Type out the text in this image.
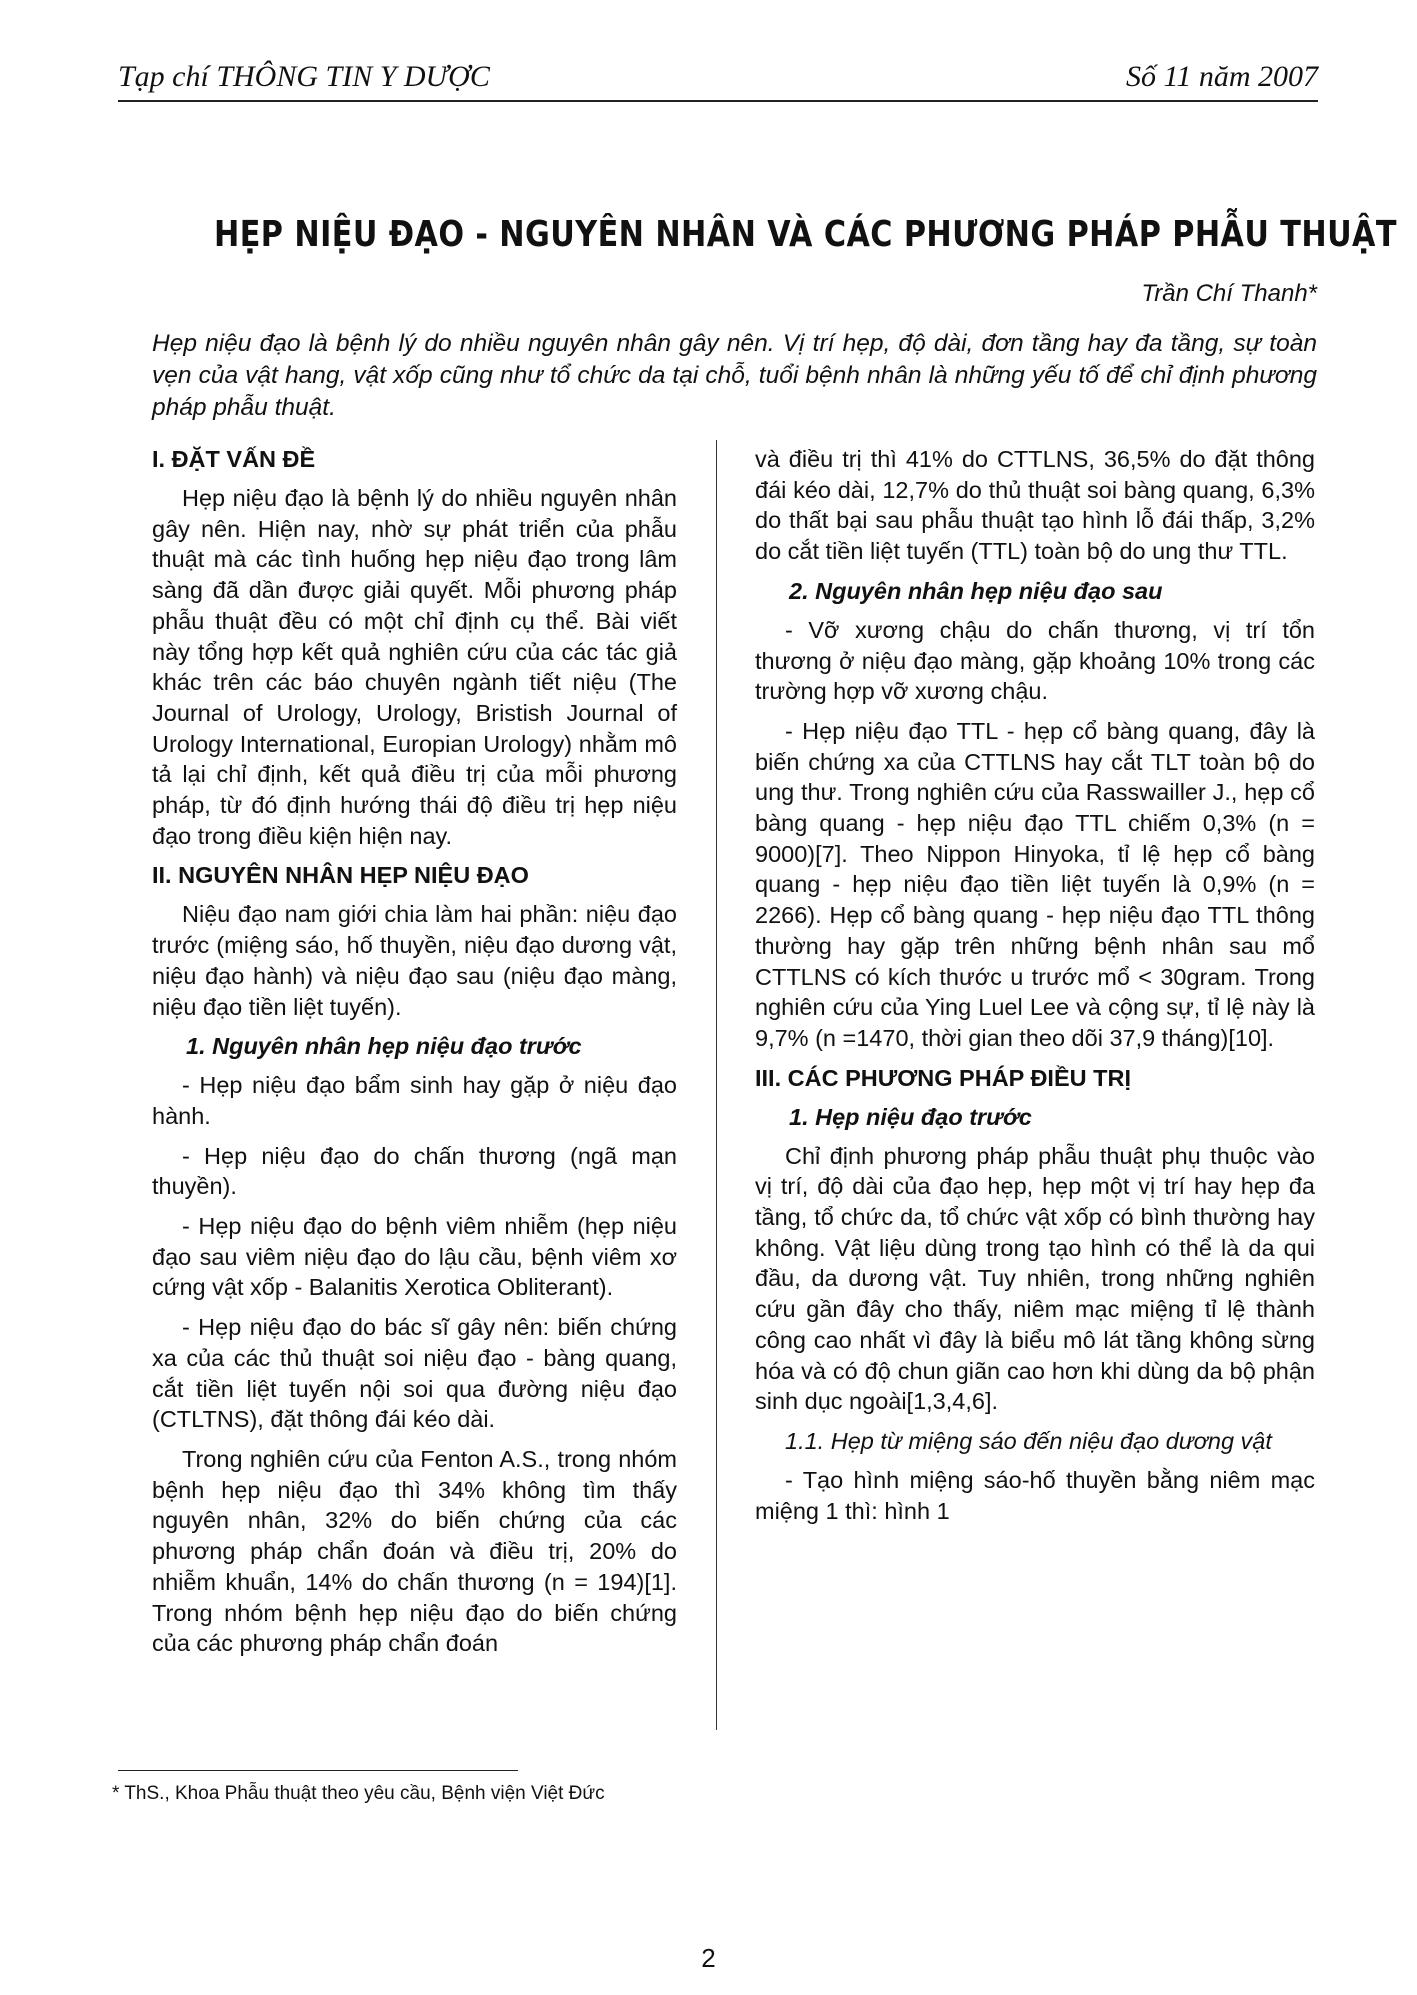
Tạp chí THÔNG TIN Y DƯỢC	Số 11 năm 2007
HẸP NIỆU ĐẠO - NGUYÊN NHÂN VÀ CÁC PHƯƠNG PHÁP PHẪU THUẬT
Trần Chí Thanh*

Hẹp niệu đạo là bệnh lý do nhiều nguyên nhân gây nên. Vị trí hẹp, độ dài, đơn tầng hay đa tầng, sự toàn vẹn của vật hang, vật xốp cũng như tổ chức da tại chỗ, tuổi bệnh nhân là những yếu tố để chỉ định phương pháp phẫu thuật.

I. ĐẶT VẤN ĐỀ

Hẹp niệu đạo là bệnh lý do nhiều nguyên nhân gây nên. Hiện nay, nhờ sự phát triển của phẫu thuật mà các tình huống hẹp niệu đạo trong lâm sàng đã dần được giải quyết. Mỗi phương pháp phẫu thuật đều có một chỉ định cụ thể. Bài viết này tổng hợp kết quả nghiên cứu của các tác giả khác trên các báo chuyên ngành tiết niệu (The Journal of Urology, Urology, Bristish Journal of Urology International, Europian Urology) nhằm mô tả lại chỉ định, kết quả điều trị của mỗi phương pháp, từ đó định hướng thái độ điều trị hẹp niệu đạo trong điều kiện hiện nay.

II. NGUYÊN NHÂN HẸP NIỆU ĐẠO

Niệu đạo nam giới chia làm hai phần: niệu đạo trước (miệng sáo, hố thuyền, niệu đạo dương vật, niệu đạo hành) và niệu đạo sau (niệu đạo màng, niệu đạo tiền liệt tuyến).

1. Nguyên nhân hẹp niệu đạo trước

- Hẹp niệu đạo bẩm sinh hay gặp ở niệu đạo hành.

- Hẹp niệu đạo do chấn thương (ngã mạn thuyền).

- Hẹp niệu đạo do bệnh viêm nhiễm (hẹp niệu đạo sau viêm niệu đạo do lậu cầu, bệnh viêm xơ cứng vật xốp - Balanitis Xerotica Obliterant).

- Hẹp niệu đạo do bác sĩ gây nên: biến chứng xa của các thủ thuật soi niệu đạo - bàng quang, cắt tiền liệt tuyến nội soi qua đường niệu đạo (CTLTNS), đặt thông đái kéo dài.

Trong nghiên cứu của Fenton A.S., trong nhóm bệnh hẹp niệu đạo thì 34% không tìm thấy nguyên nhân, 32% do biến chứng của các phương pháp chẩn đoán và điều trị, 20% do nhiễm khuẩn, 14% do chấn thương (n = 194)[1]. Trong nhóm bệnh hẹp niệu đạo do biến chứng của các phương pháp chẩn đoán

và điều trị thì 41% do CTTLNS, 36,5% do đặt thông đái kéo dài, 12,7% do thủ thuật soi bàng quang, 6,3% do thất bại sau phẫu thuật tạo hình lỗ đái thấp, 3,2% do cắt tiền liệt tuyến (TTL) toàn bộ do ung thư TTL.

2. Nguyên nhân hẹp niệu đạo sau

- Vỡ xương chậu do chấn thương, vị trí tổn thương ở niệu đạo màng, gặp khoảng 10% trong các trường hợp vỡ xương chậu.

- Hẹp niệu đạo TTL - hẹp cổ bàng quang, đây là biến chứng xa của CTTLNS hay cắt TLT toàn bộ do ung thư. Trong nghiên cứu của Rasswailler J., hẹp cổ bàng quang - hẹp niệu đạo TTL chiếm 0,3% (n = 9000)[7]. Theo Nippon Hinyoka, tỉ lệ hẹp cổ bàng quang - hẹp niệu đạo tiền liệt tuyến là 0,9% (n = 2266). Hẹp cổ bàng quang - hẹp niệu đạo TTL thông thường hay gặp trên những bệnh nhân sau mổ CTTLNS có kích thước u trước mổ < 30gram. Trong nghiên cứu của Ying Luel Lee và cộng sự, tỉ lệ này là 9,7% (n =1470, thời gian theo dõi 37,9 tháng)[10].

III. CÁC PHƯƠNG PHÁP ĐIỀU TRỊ
1. Hẹp niệu đạo trước

Chỉ định phương pháp phẫu thuật phụ thuộc vào vị trí, độ dài của đạo hẹp, hẹp một vị trí hay hẹp đa tầng, tổ chức da, tổ chức vật xốp có bình thường hay không. Vật liệu dùng trong tạo hình có thể là da qui đầu, da dương vật. Tuy nhiên, trong những nghiên cứu gần đây cho thấy, niêm mạc miệng tỉ lệ thành công cao nhất vì đây là biểu mô lát tầng không sừng hóa và có độ chun giãn cao hơn khi dùng da bộ phận sinh dục ngoài[1,3,4,6].

1.1. Hẹp từ miệng sáo đến niệu đạo dương vật

- Tạo hình miệng sáo-hố thuyền bằng niêm mạc miệng 1 thì: hình 1

* ThS., Khoa Phẫu thuật theo yêu cầu, Bệnh viện Việt Đức
2
